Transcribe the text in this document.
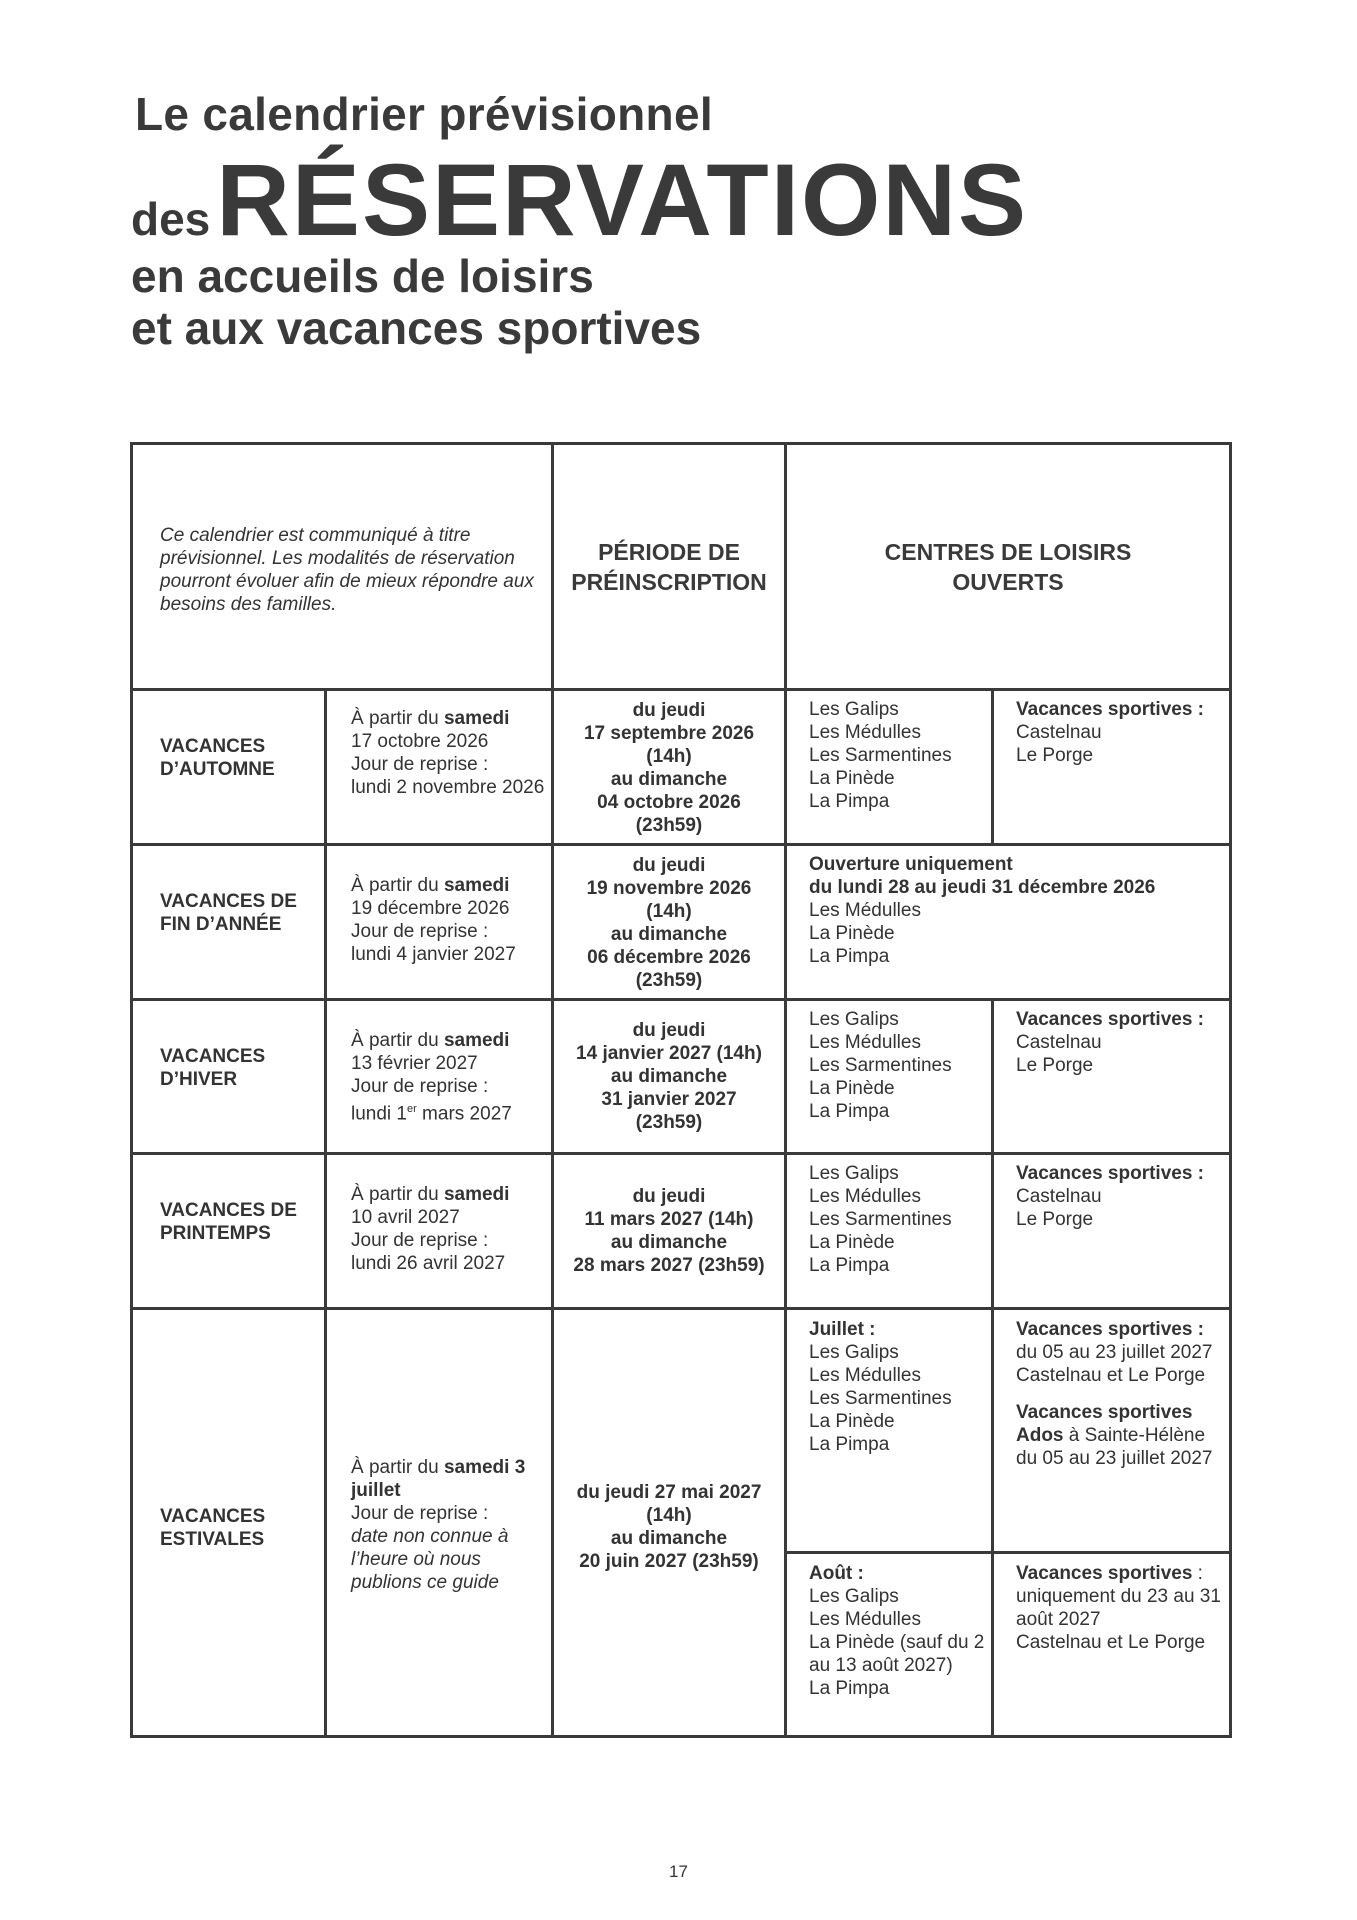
Le calendrier prévisionnel
desRÉSERVATIONS
en accueils de loisirs
et aux vacances sportives
Ce calendrier est communiqué à titre prévisionnel. Les modalités de réservation pourront évoluer afin de mieux répondre aux besoins des familles.
PÉRIODE DE PRÉINSCRIPTION
CENTRES DE LOISIRS OUVERTS
VACANCES D’AUTOMNE
À partir du samedi
17 octobre 2026
Jour de reprise :
lundi 2 novembre 2026
du jeudi
17 septembre 2026
(14h)
au dimanche
04 octobre 2026
(23h59)
Les Galips
Les Médulles
Les Sarmentines
La Pinède
La Pimpa
Vacances sportives :
Castelnau
Le Porge
VACANCES DE FIN D’ANNÉE
À partir du samedi
19 décembre 2026
Jour de reprise :
lundi 4 janvier 2027
du jeudi
19 novembre 2026
(14h)
au dimanche
06 décembre 2026
(23h59)
Ouverture uniquement
du lundi 28 au jeudi 31 décembre 2026
Les Médulles
La Pinède
La Pimpa
VACANCES D’HIVER
À partir du samedi
13 février 2027
Jour de reprise :
lundi 1er mars 2027
du jeudi
14 janvier 2027 (14h)
au dimanche
31 janvier 2027
(23h59)
Les Galips
Les Médulles
Les Sarmentines
La Pinède
La Pimpa
Vacances sportives :
Castelnau
Le Porge
VACANCES DE PRINTEMPS
À partir du samedi
10 avril 2027
Jour de reprise :
lundi 26 avril 2027
du jeudi
11 mars 2027 (14h)
au dimanche
28 mars 2027 (23h59)
Les Galips
Les Médulles
Les Sarmentines
La Pinède
La Pimpa
Vacances sportives :
Castelnau
Le Porge
VACANCES ESTIVALES
À partir du samedi 3 juillet
Jour de reprise :
date non connue à l’heure où nous publions ce guide
du jeudi 27 mai 2027
(14h)
au dimanche
20 juin 2027 (23h59)
Juillet :
Les Galips
Les Médulles
Les Sarmentines
La Pinède
La Pimpa
Vacances sportives :
du 05 au 23 juillet 2027
Castelnau et Le Porge
Vacances sportives
Ados à Sainte-Hélène
du 05 au 23 juillet 2027
Août :
Les Galips
Les Médulles
La Pinède (sauf du 2 au 13 août 2027)
La Pimpa
Vacances sportives :
uniquement du 23 au 31 août 2027
Castelnau et Le Porge
17
